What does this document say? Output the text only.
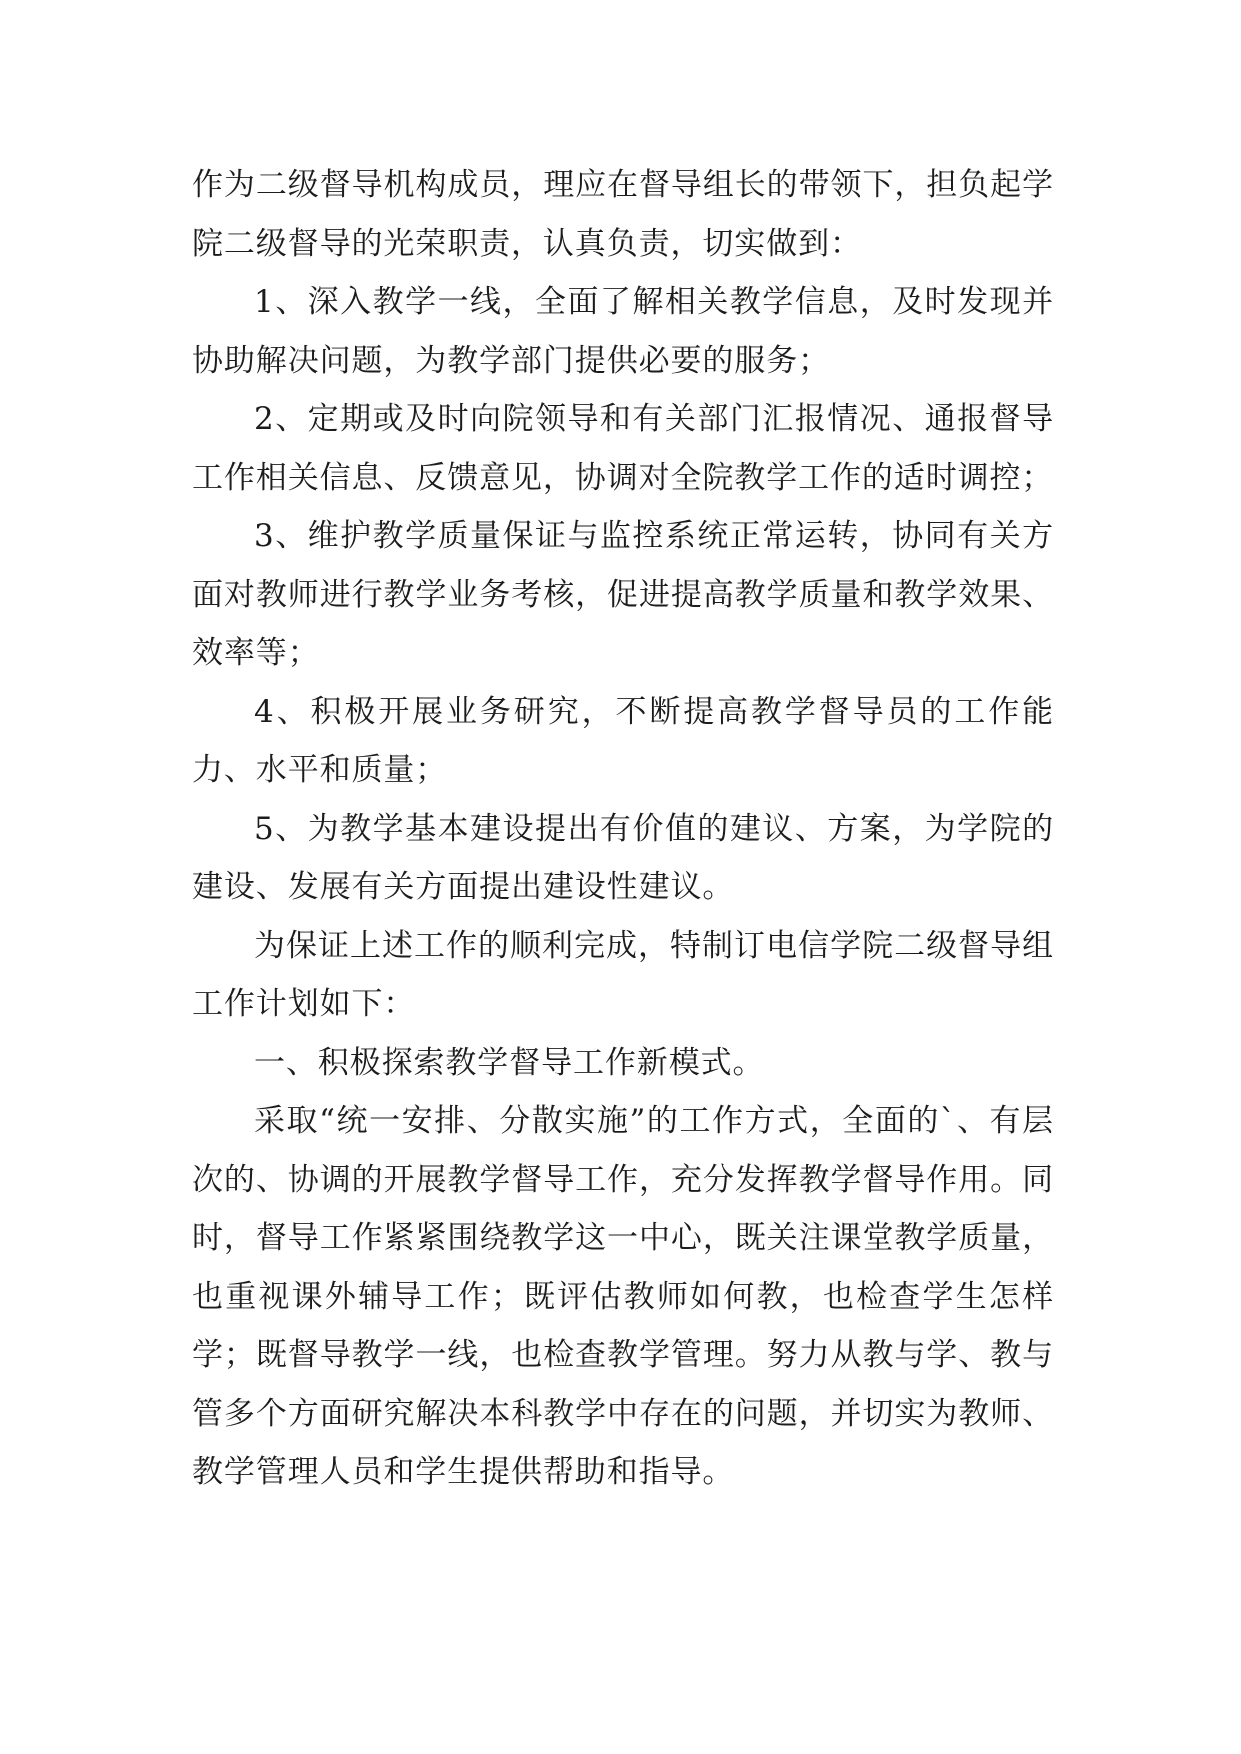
作为二级督导机构成员，理应在督导组长的带领下，担负起学院二级督导的光荣职责，认真负责，切实做到：

1、深入教学一线，全面了解相关教学信息，及时发现并协助解决问题，为教学部门提供必要的服务；

2、定期或及时向院领导和有关部门汇报情况、通报督导工作相关信息、反馈意见，协调对全院教学工作的适时调控；

3、维护教学质量保证与监控系统正常运转，协同有关方面对教师进行教学业务考核，促进提高教学质量和教学效果、效率等；

4、积极开展业务研究，不断提高教学督导员的工作能力、水平和质量；

5、为教学基本建设提出有价值的建议、方案，为学院的建设、发展有关方面提出建设性建议。

为保证上述工作的顺利完成，特制订电信学院二级督导组工作计划如下：

一、积极探索教学督导工作新模式。

采取“统一安排、分散实施”的工作方式，全面的`、有层次的、协调的开展教学督导工作，充分发挥教学督导作用。同时，督导工作紧紧围绕教学这一中心，既关注课堂教学质量，也重视课外辅导工作；既评估教师如何教，也检查学生怎样学；既督导教学一线，也检查教学管理。努力从教与学、教与管多个方面研究解决本科教学中存在的问题，并切实为教师、教学管理人员和学生提供帮助和指导。
